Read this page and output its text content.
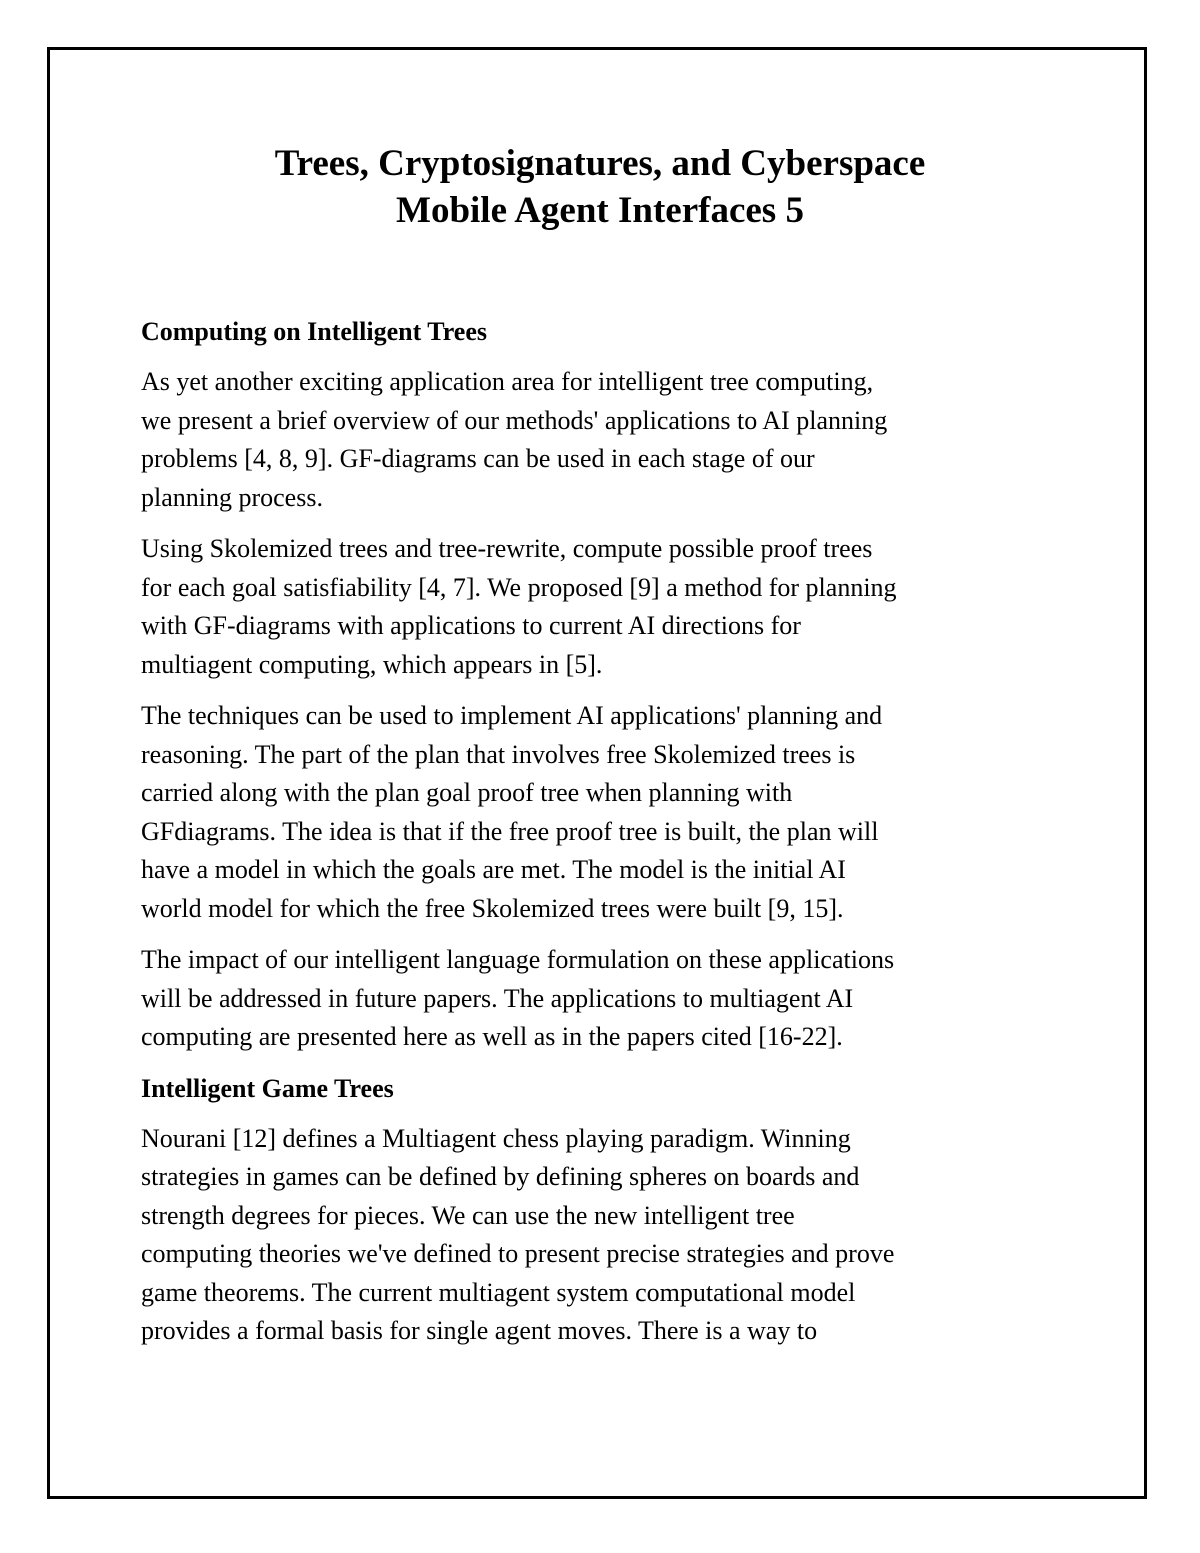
Trees, Cryptosignatures, and Cyberspace

Mobile Agent Interfaces 5

Computing on Intelligent Trees

As yet another exciting application area for intelligent tree computing,
we present a brief overview of our methods' applications to AI planning
problems [4, 8, 9]. GF-diagrams can be used in each stage of our
planning process.

Using Skolemized trees and tree-rewrite, compute possible proof trees
for each goal satisfiability [4, 7]. We proposed [9] a method for planning
with GF-diagrams with applications to current AI directions for
multiagent computing, which appears in [5].

The techniques can be used to implement AI applications' planning and
reasoning. The part of the plan that involves free Skolemized trees is
carried along with the plan goal proof tree when planning with
GFdiagrams. The idea is that if the free proof tree is built, the plan will
have a model in which the goals are met. The model is the initial AI
world model for which the free Skolemized trees were built [9, 15].

The impact of our intelligent language formulation on these applications
will be addressed in future papers. The applications to multiagent AI
computing are presented here as well as in the papers cited [16-22].

Intelligent Game Trees

Nourani [12] defines a Multiagent chess playing paradigm. Winning
strategies in games can be defined by defining spheres on boards and
strength degrees for pieces. We can use the new intelligent tree
computing theories we've defined to present precise strategies and prove
game theorems. The current multiagent system computational model
provides a formal basis for single agent moves. There is a way to
